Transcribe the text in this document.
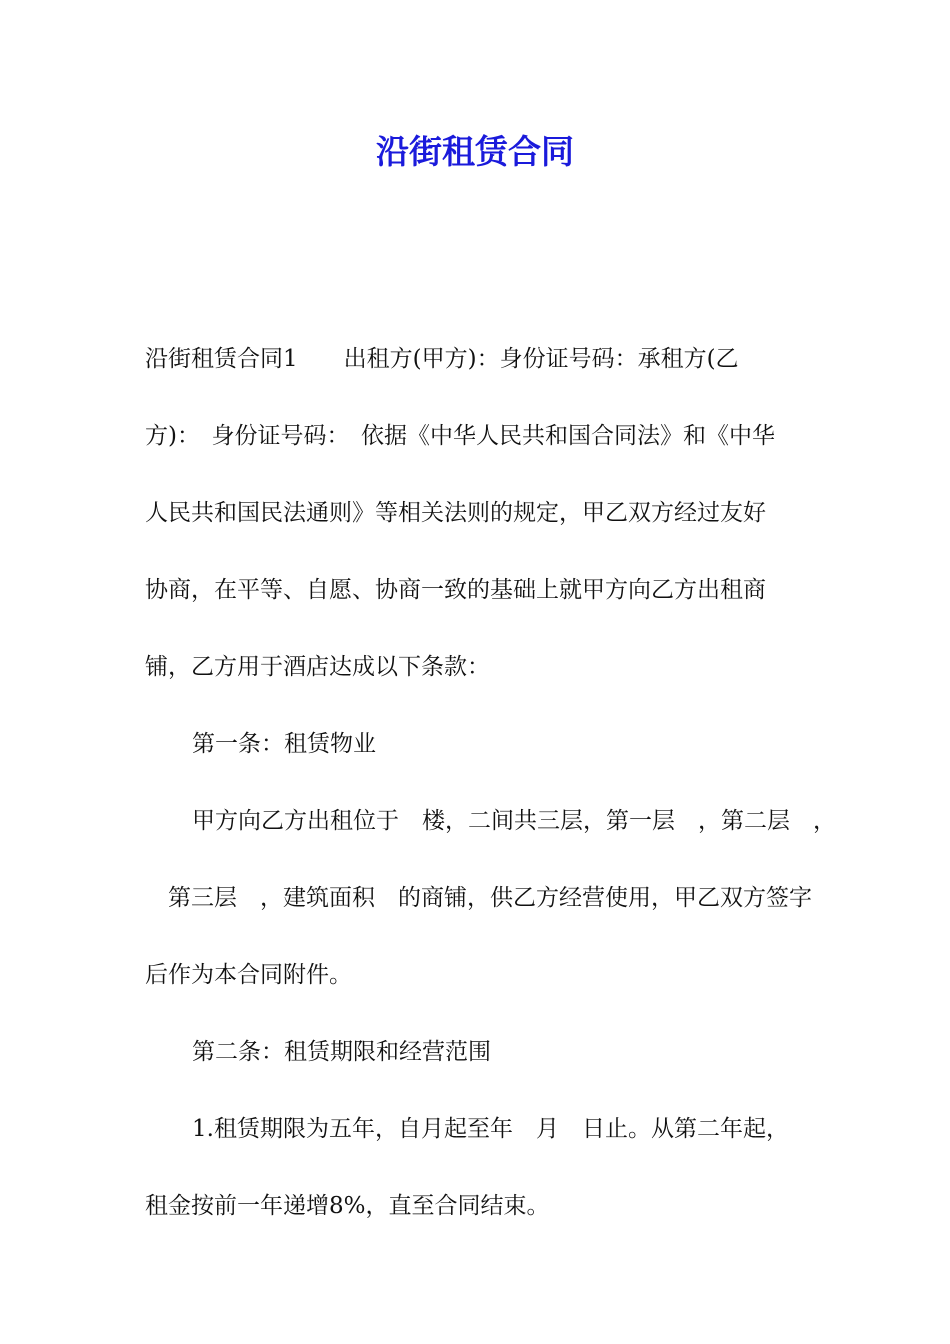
沿街租赁合同
沿街租赁合同1　　出租方(甲方)：身份证号码：承租方(乙
方)：　身份证号码：　依据《中华人民共和国合同法》和《中华
人民共和国民法通则》等相关法则的规定，甲乙双方经过友好
协商，在平等、自愿、协商一致的基础上就甲方向乙方出租商
铺，乙方用于酒店达成以下条款：
第一条：租赁物业
甲方向乙方出租位于　楼，二间共三层，第一层　，第二层　，
　第三层　，建筑面积　的商铺，供乙方经营使用，甲乙双方签字
后作为本合同附件。
第二条：租赁期限和经营范围
1.租赁期限为五年，自月起至年　月　日止。从第二年起，
租金按前一年递增8%，直至合同结束。
